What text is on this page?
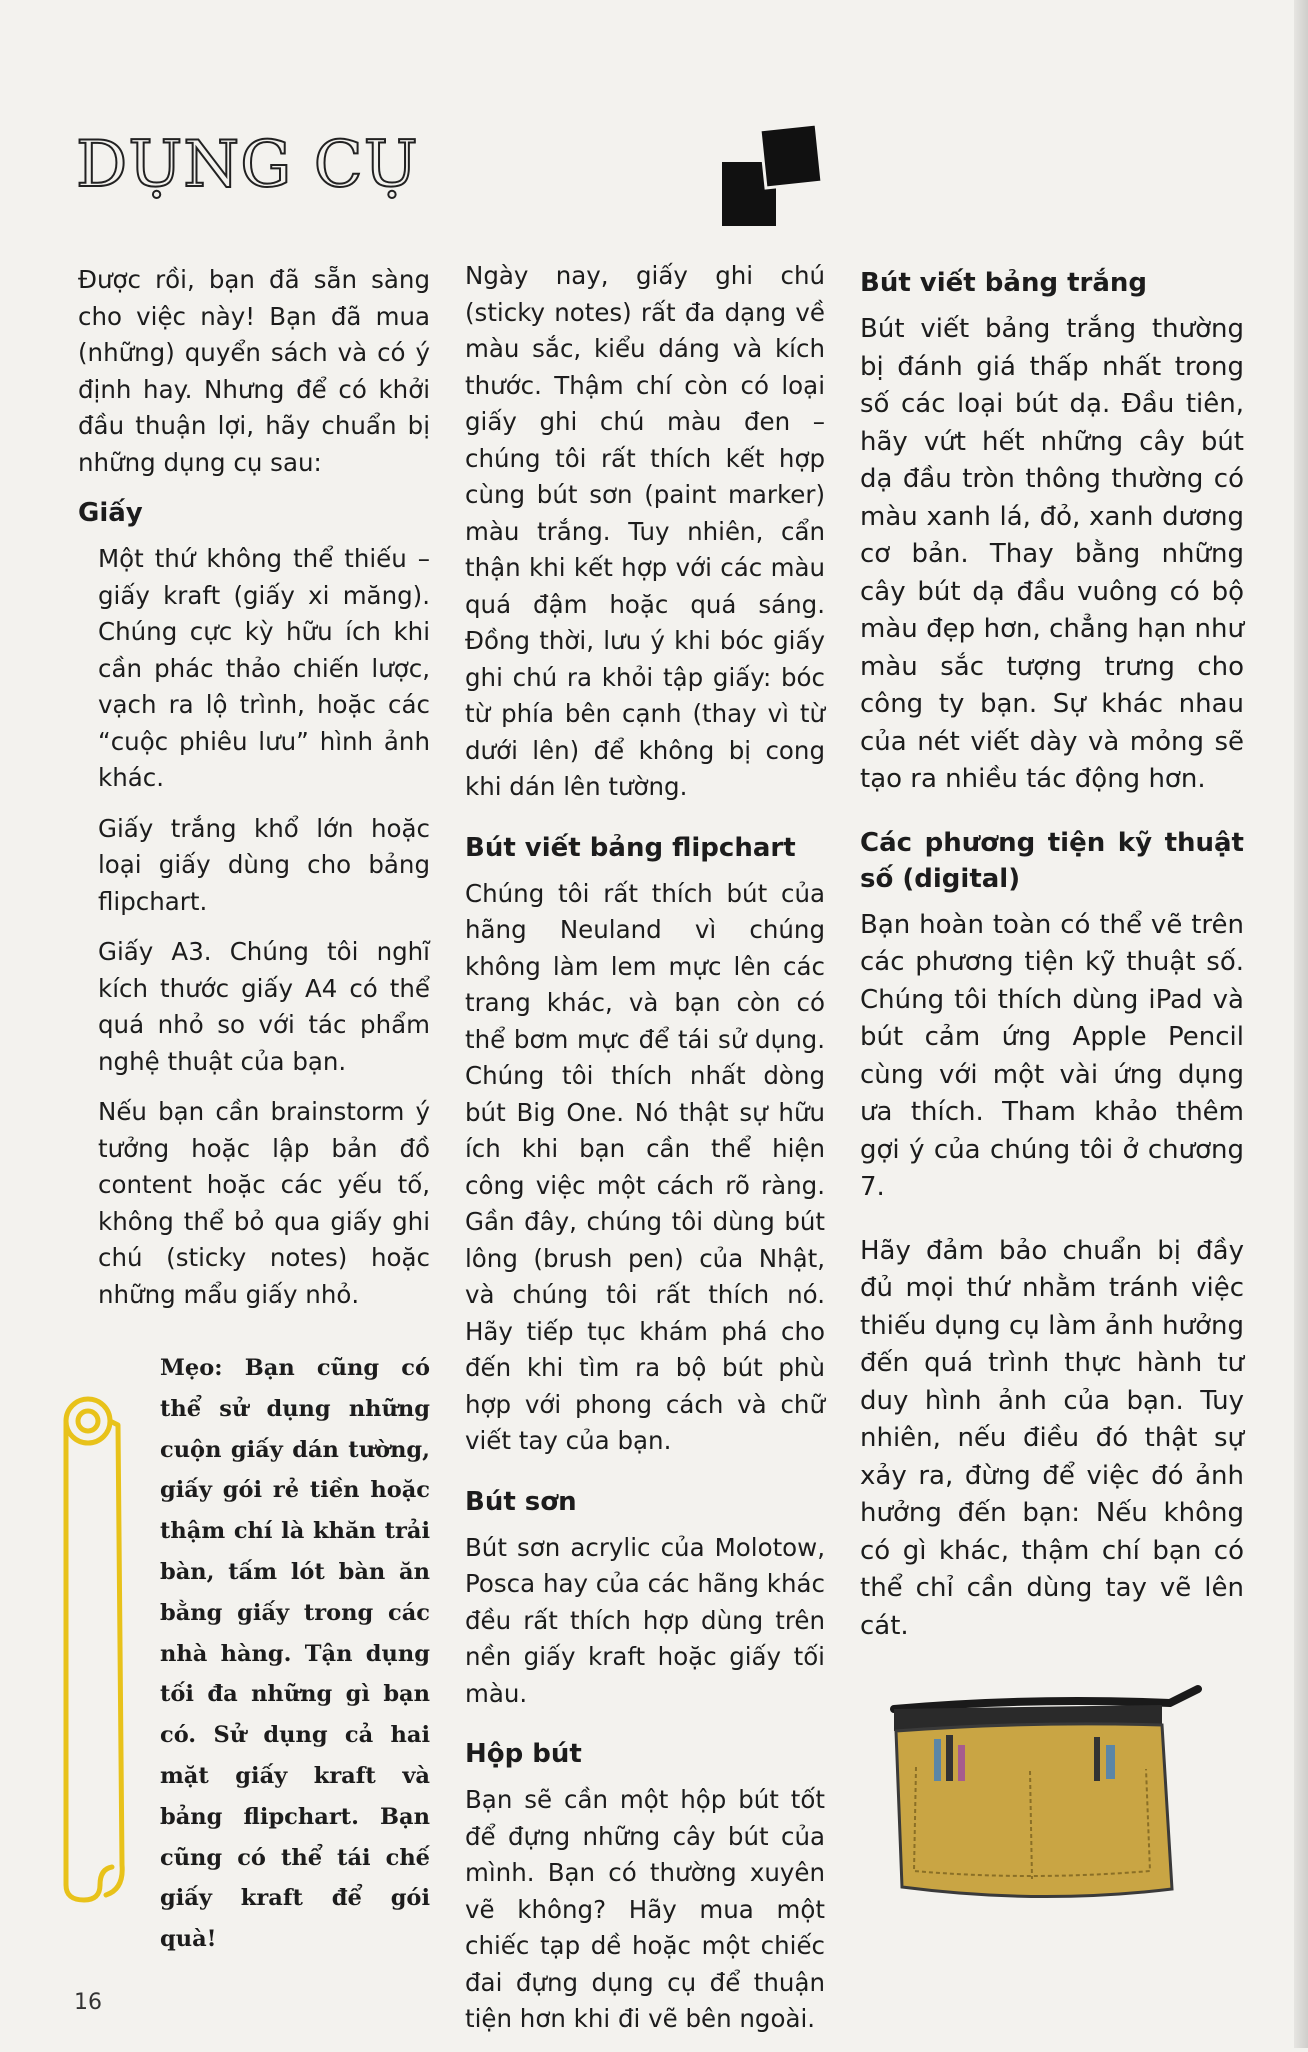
DỤNG CỤ

Được rồi, bạn đã sẵn sàng cho việc này! Bạn đã mua (những) quyển sách và có ý định hay. Nhưng để có khởi đầu thuận lợi, hãy chuẩn bị những dụng cụ sau:

Giấy

Một thứ không thể thiếu – giấy kraft (giấy xi măng). Chúng cực kỳ hữu ích khi cần phác thảo chiến lược, vạch ra lộ trình, hoặc các “cuộc phiêu lưu” hình ảnh khác.

Giấy trắng khổ lớn hoặc loại giấy dùng cho bảng flipchart.

Giấy A3. Chúng tôi nghĩ kích thước giấy A4 có thể quá nhỏ so với tác phẩm nghệ thuật của bạn.

Nếu bạn cần brainstorm ý tưởng hoặc lập bản đồ content hoặc các yếu tố, không thể bỏ qua giấy ghi chú (sticky notes) hoặc những mẩu giấy nhỏ.

Mẹo: Bạn cũng có thể sử dụng những cuộn giấy dán tường, giấy gói rẻ tiền hoặc thậm chí là khăn trải bàn, tấm lót bàn ăn bằng giấy trong các nhà hàng. Tận dụng tối đa những gì bạn có. Sử dụng cả hai mặt giấy kraft và bảng flipchart. Bạn cũng có thể tái chế giấy kraft để gói quà!

Ngày nay, giấy ghi chú (sticky notes) rất đa dạng về màu sắc, kiểu dáng và kích thước. Thậm chí còn có loại giấy ghi chú màu đen – chúng tôi rất thích kết hợp cùng bút sơn (paint marker) màu trắng. Tuy nhiên, cẩn thận khi kết hợp với các màu quá đậm hoặc quá sáng. Đồng thời, lưu ý khi bóc giấy ghi chú ra khỏi tập giấy: bóc từ phía bên cạnh (thay vì từ dưới lên) để không bị cong khi dán lên tường.

Bút viết bảng flipchart

Chúng tôi rất thích bút của hãng Neuland vì chúng không làm lem mực lên các trang khác, và bạn còn có thể bơm mực để tái sử dụng. Chúng tôi thích nhất dòng bút Big One. Nó thật sự hữu ích khi bạn cần thể hiện công việc một cách rõ ràng. Gần đây, chúng tôi dùng bút lông (brush pen) của Nhật, và chúng tôi rất thích nó. Hãy tiếp tục khám phá cho đến khi tìm ra bộ bút phù hợp với phong cách và chữ viết tay của bạn.

Bút sơn

Bút sơn acrylic của Molotow, Posca hay của các hãng khác đều rất thích hợp dùng trên nền giấy kraft hoặc giấy tối màu.

Hộp bút

Bạn sẽ cần một hộp bút tốt để đựng những cây bút của mình. Bạn có thường xuyên vẽ không? Hãy mua một chiếc tạp dề hoặc một chiếc đai đựng dụng cụ để thuận tiện hơn khi đi vẽ bên ngoài.

Bút viết bảng trắng

Bút viết bảng trắng thường bị đánh giá thấp nhất trong số các loại bút dạ. Đầu tiên, hãy vứt hết những cây bút dạ đầu tròn thông thường có màu xanh lá, đỏ, xanh dương cơ bản. Thay bằng những cây bút dạ đầu vuông có bộ màu đẹp hơn, chẳng hạn như màu sắc tượng trưng cho công ty bạn. Sự khác nhau của nét viết dày và mỏng sẽ tạo ra nhiều tác động hơn.

Các phương tiện kỹ thuật số (digital)

Bạn hoàn toàn có thể vẽ trên các phương tiện kỹ thuật số. Chúng tôi thích dùng iPad và bút cảm ứng Apple Pencil cùng với một vài ứng dụng ưa thích. Tham khảo thêm gợi ý của chúng tôi ở chương 7.

Hãy đảm bảo chuẩn bị đầy đủ mọi thứ nhằm tránh việc thiếu dụng cụ làm ảnh hưởng đến quá trình thực hành tư duy hình ảnh của bạn. Tuy nhiên, nếu điều đó thật sự xảy ra, đừng để việc đó ảnh hưởng đến bạn: Nếu không có gì khác, thậm chí bạn có thể chỉ cần dùng tay vẽ lên cát.

16
